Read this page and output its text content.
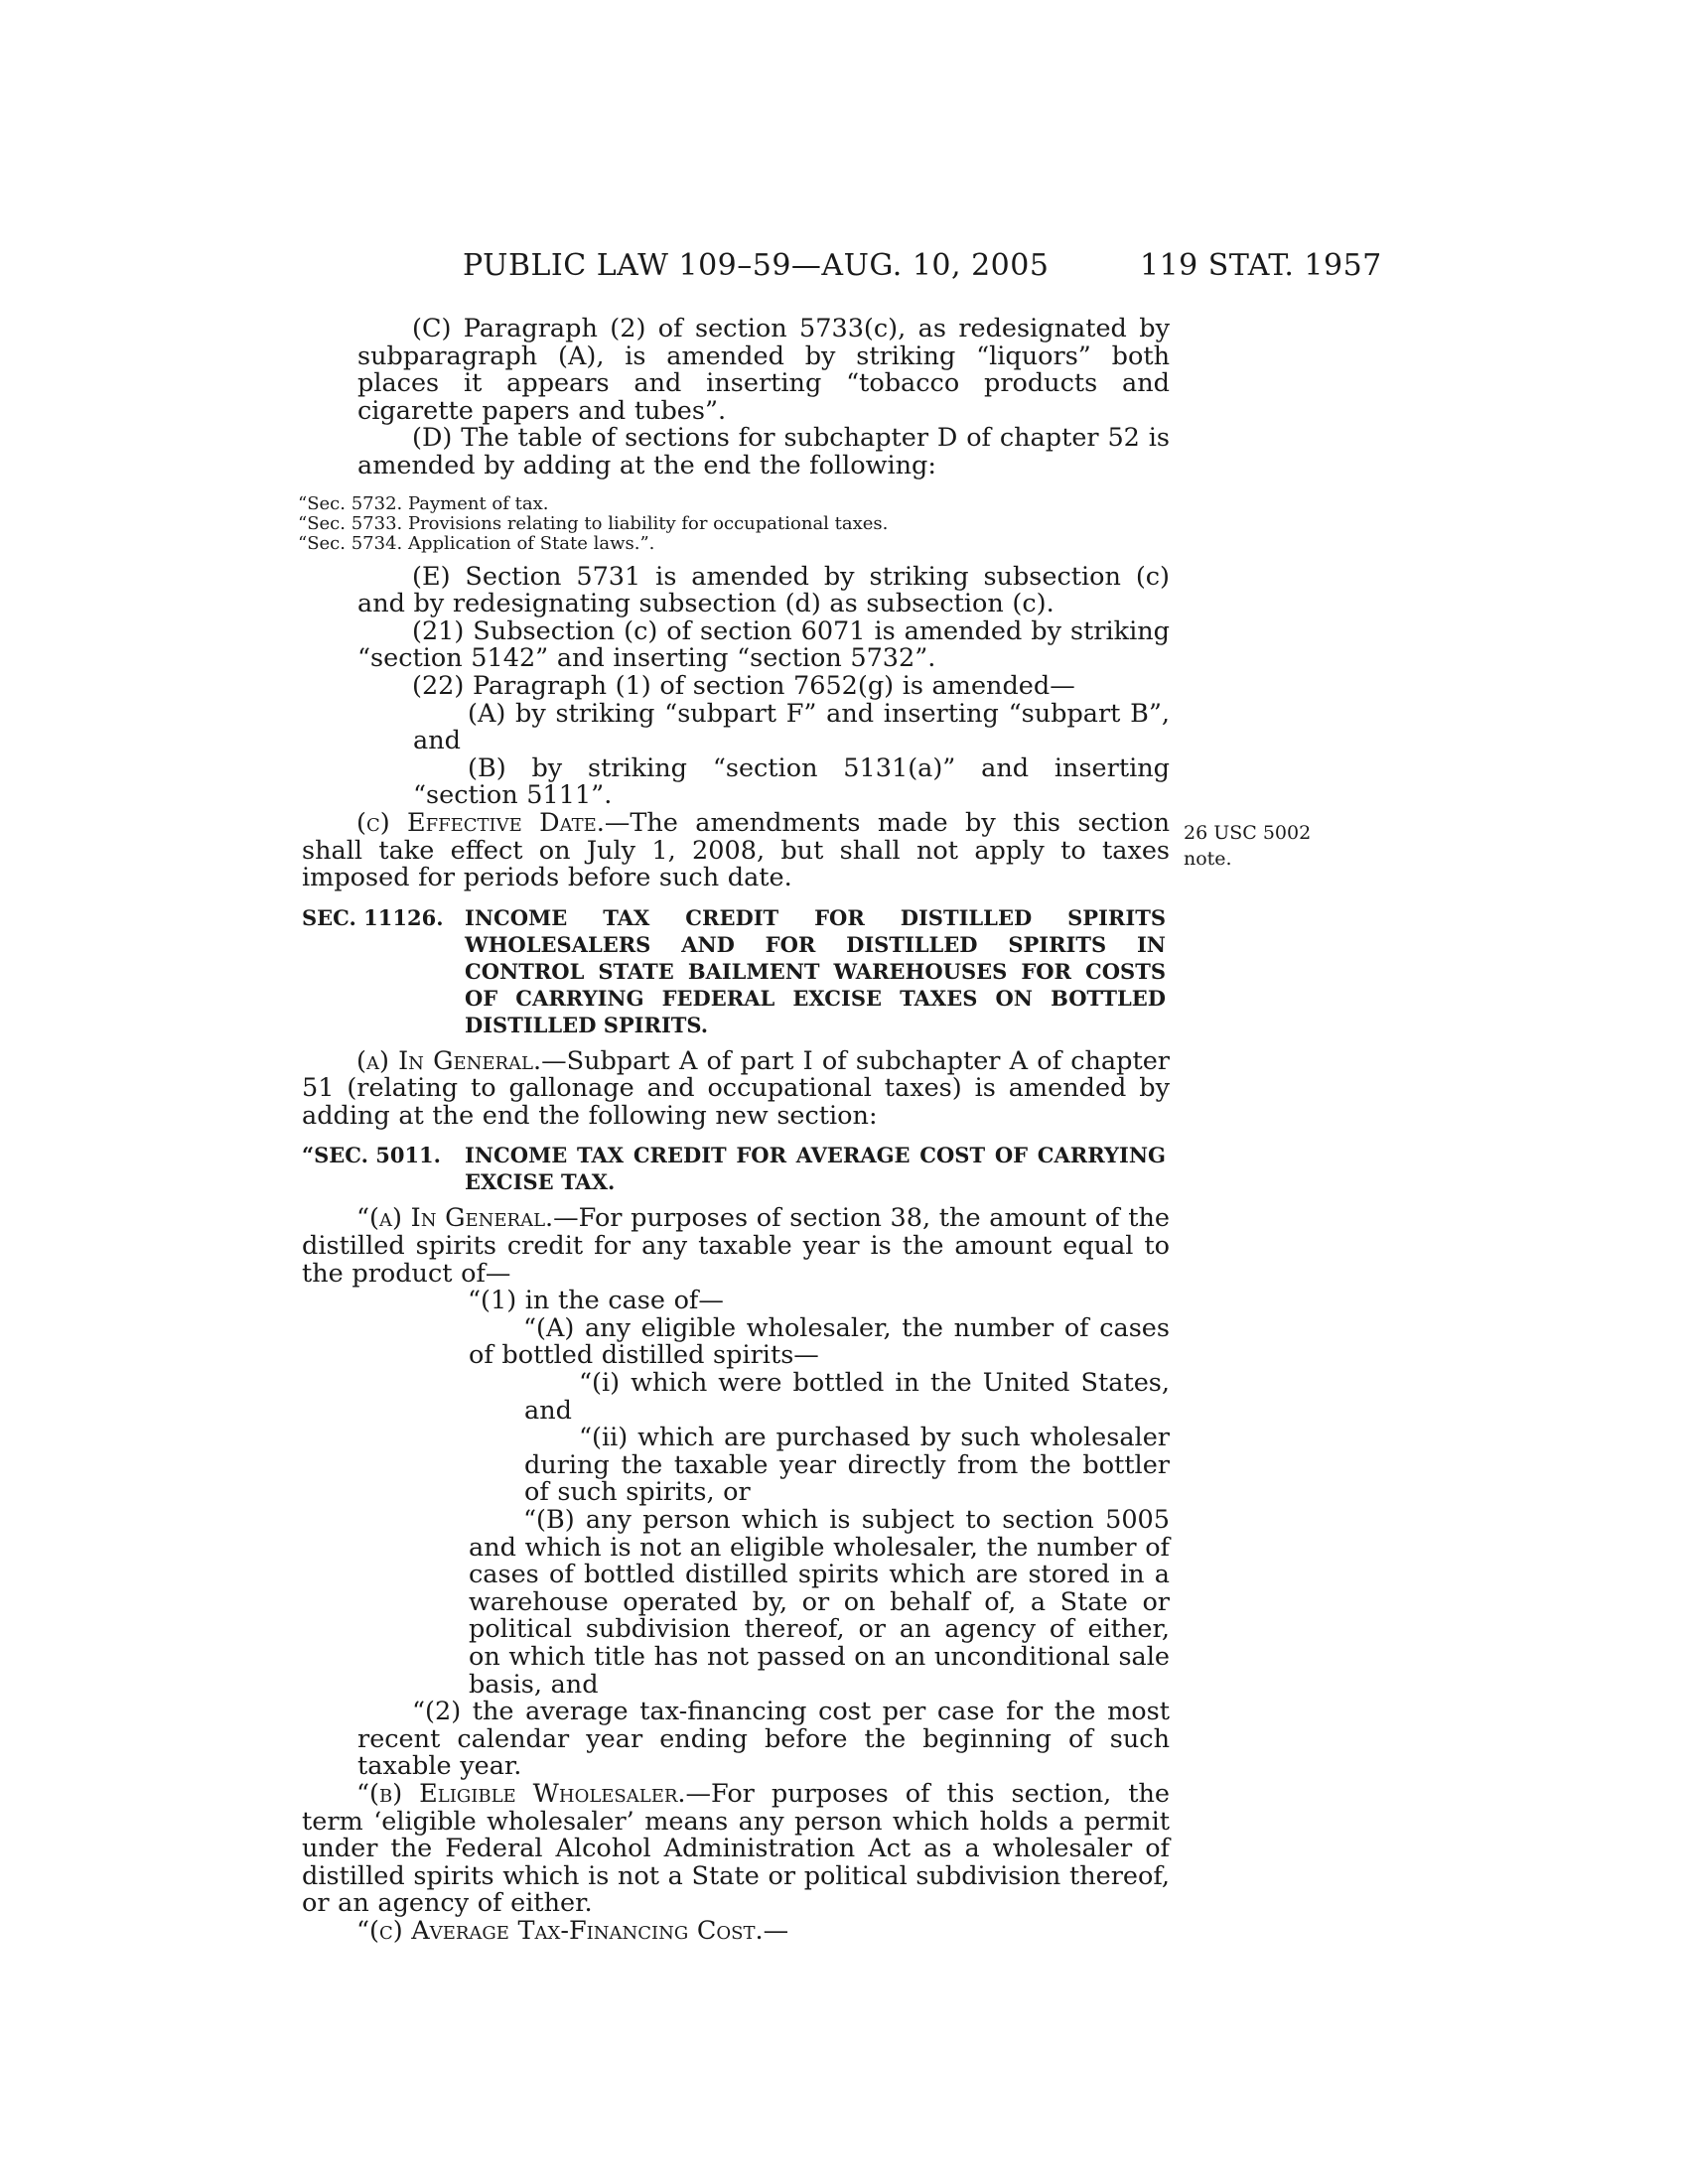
PUBLIC LAW 109–59—AUG. 10, 2005	119 STAT. 1957
26 USC 5002
note.

(C) Paragraph (2) of section 5733(c), as redesignated by subparagraph (A), is amended by striking “liquors” both places it appears and inserting “tobacco products and cigarette papers and tubes”.

(D) The table of sections for subchapter D of chapter 52 is amended by adding at the end the following:

“Sec. 5732. Payment of tax.
“Sec. 5733. Provisions relating to liability for occupational taxes.
“Sec. 5734. Application of State laws.”.

(E) Section 5731 is amended by striking subsection (c) and by redesignating subsection (d) as subsection (c).

(21) Subsection (c) of section 6071 is amended by striking “section 5142” and inserting “section 5732”.

(22) Paragraph (1) of section 7652(g) is amended—

(A) by striking “subpart F” and inserting “subpart B”, and

(B) by striking “section 5131(a)” and inserting “section 5111”.

(c) Effective Date.—The amendments made by this section shall take effect on July 1, 2008, but shall not apply to taxes imposed for periods before such date.

SEC. 11126. INCOME TAX CREDIT FOR DISTILLED SPIRITS WHOLESALERS AND FOR DISTILLED SPIRITS IN CONTROL STATE BAILMENT WAREHOUSES FOR COSTS OF CARRYING FEDERAL EXCISE TAXES ON BOTTLED DISTILLED SPIRITS.

(a) In General.—Subpart A of part I of subchapter A of chapter 51 (relating to gallonage and occupational taxes) is amended by adding at the end the following new section:

“SEC. 5011. INCOME TAX CREDIT FOR AVERAGE COST OF CARRYING EXCISE TAX.

“(a) In General.—For purposes of section 38, the amount of the distilled spirits credit for any taxable year is the amount equal to the product of—

“(1) in the case of—

“(A) any eligible wholesaler, the number of cases of bottled distilled spirits—

“(i) which were bottled in the United States, and

“(ii) which are purchased by such wholesaler during the taxable year directly from the bottler of such spirits, or

“(B) any person which is subject to section 5005 and which is not an eligible wholesaler, the number of cases of bottled distilled spirits which are stored in a warehouse operated by, or on behalf of, a State or political subdivision thereof, or an agency of either, on which title has not passed on an unconditional sale basis, and

“(2) the average tax-financing cost per case for the most recent calendar year ending before the beginning of such taxable year.

“(b) Eligible Wholesaler.—For purposes of this section, the term ‘eligible wholesaler’ means any person which holds a permit under the Federal Alcohol Administration Act as a wholesaler of distilled spirits which is not a State or political subdivision thereof, or an agency of either.

“(c) Average Tax-Financing Cost.—
